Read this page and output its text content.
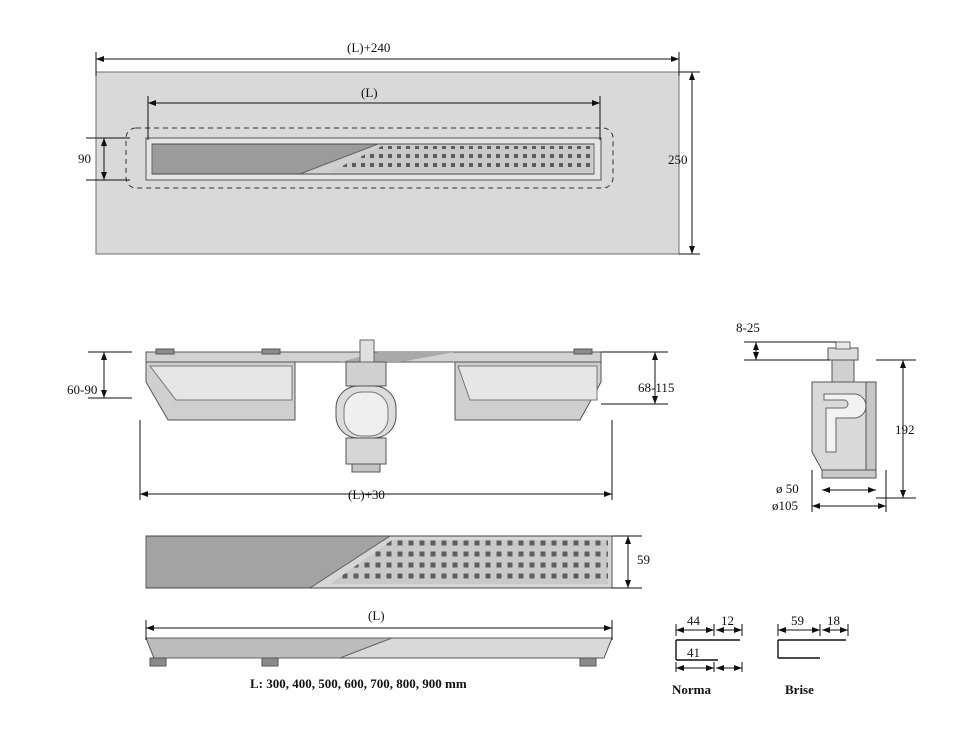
(L)+240
(L)
250
90
60-90	68-115
(L)+30
8-25
192
ø 50
ø105
59
(L)
L: 300, 400, 500, 600, 700, 800, 900 mm
44 12
41
Norma
59 18
Brise
